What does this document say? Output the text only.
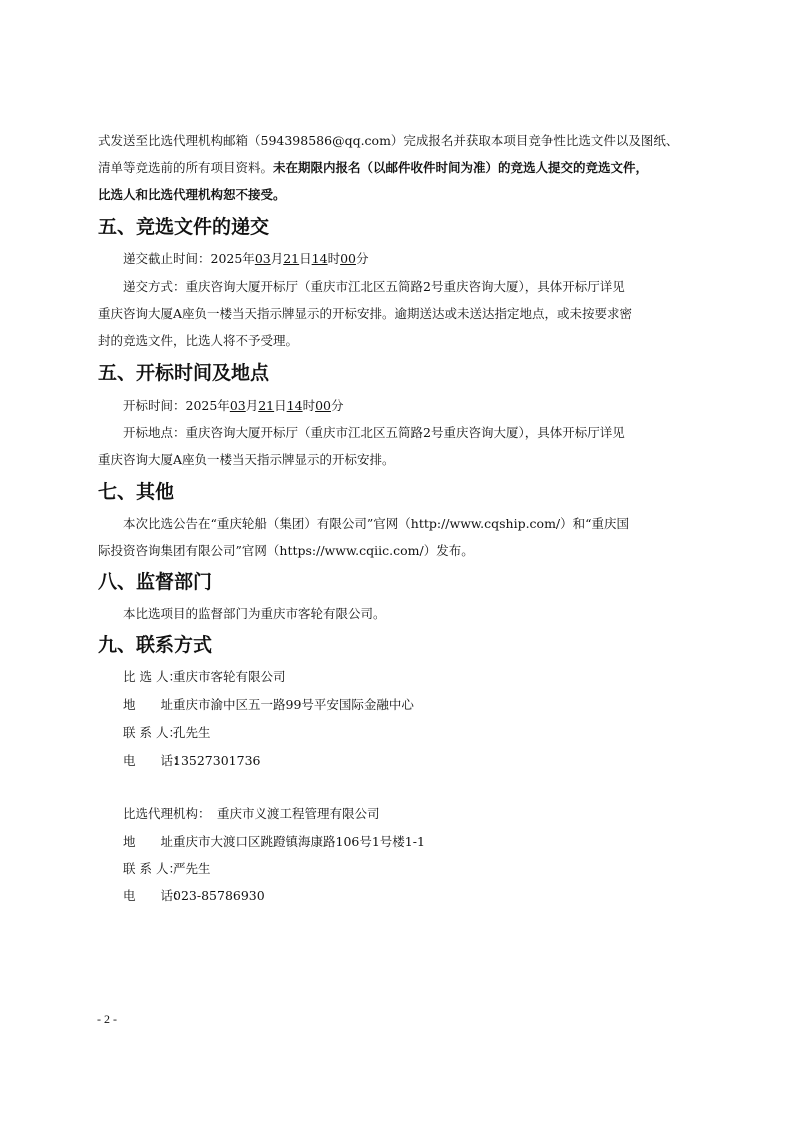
式发送至比选代理机构邮箱（594398586@qq.com）完成报名并获取本项目竞争性比选文件以及图纸、
清单等竞选前的所有项目资料。未在期限内报名（以邮件收件时间为准）的竞选人提交的竞选文件，
比选人和比选代理机构恕不接受。
五、竞选文件的递交
递交截止时间：2025年03月21日14时00分
递交方式：重庆咨询大厦开标厅（重庆市江北区五简路2号重庆咨询大厦），具体开标厅详见
重庆咨询大厦A座负一楼当天指示牌显示的开标安排。逾期送达或未送达指定地点，或未按要求密
封的竞选文件，比选人将不予受理。
五、开标时间及地点
开标时间：2025年03月21日14时00分
开标地点：重庆咨询大厦开标厅（重庆市江北区五简路2号重庆咨询大厦），具体开标厅详见
重庆咨询大厦A座负一楼当天指示牌显示的开标安排。
七、其他
本次比选公告在“重庆轮船（集团）有限公司”官网（http://www.cqship.com/）和“重庆国
际投资咨询集团有限公司”官网（https://www.cqiic.com/）发布。
八、监督部门
本比选项目的监督部门为重庆市客轮有限公司。
九、联系方式
比 选 人：重庆市客轮有限公司
地　　址：重庆市渝中区五一路99号平安国际金融中心
联 系 人：孔先生
电　　话：13527301736
比选代理机构： 重庆市义渡工程管理有限公司
地　　址：重庆市大渡口区跳蹬镇海康路106号1号楼1-1
联 系 人：严先生
电　　话：023-85786930
- 2 -
